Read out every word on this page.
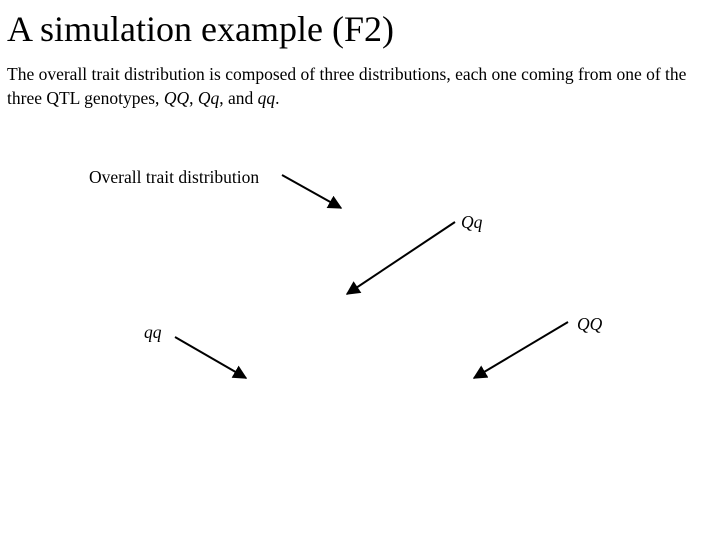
A simulation example (F2)
The overall trait distribution is composed of three distributions, each one coming from one of the three QTL genotypes, QQ, Qq, and qq.
Overall trait distribution
Qq
qq	QQ
